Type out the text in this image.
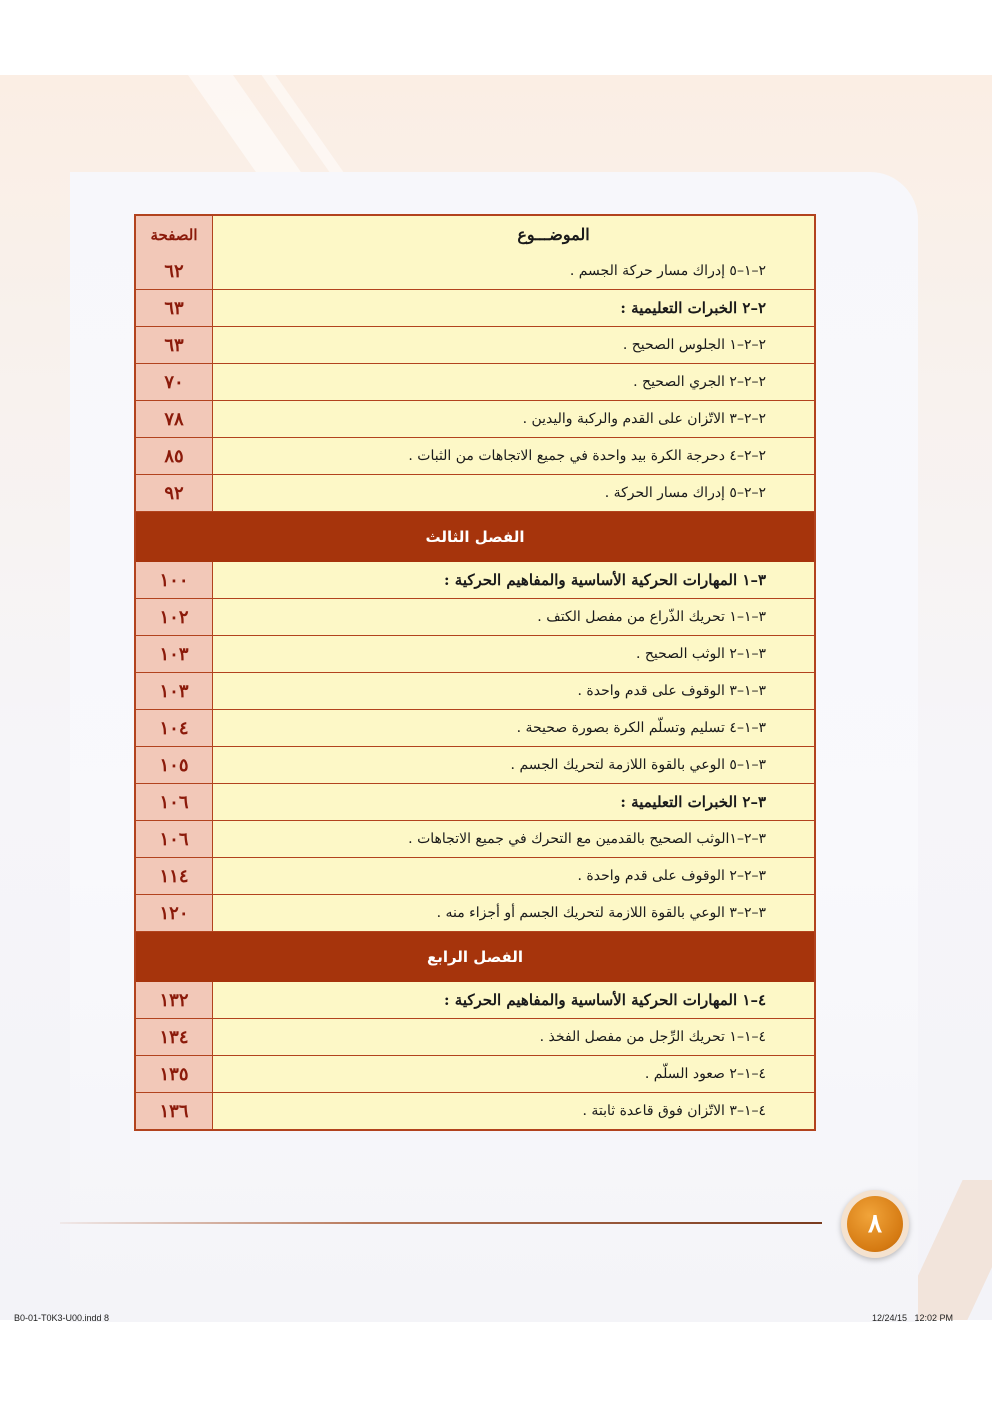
الصفحة	الموضـــوع
٦٢	٢–١–٥ إدراك مسار حركة الجسم .
٦٣	٢–٢ الخبرات التعليمية :
٦٣	٢–٢–١ الجلوس الصحيح .
٧٠	٢–٢–٢ الجري الصحيح .
٧٨	٢–٢–٣ الاتّزان على القدم والركبة واليدين .
٨٥	٢–٢–٤ دحرجة الكرة بيد واحدة في جميع الاتجاهات من الثبات .
٩٢	٢–٢–٥ إدراك مسار الحركة .
الفصل الثالث
١٠٠	٣–١ المهارات الحركية الأساسية والمفاهيم الحركية :
١٠٢	٣–١–١ تحريك الذّراع من مفصل الكتف .
١٠٣	٣–١–٢ الوثب الصحيح .
١٠٣	٣–١–٣ الوقوف على قدم واحدة .
١٠٤	٣–١–٤ تسليم وتسلّم الكرة بصورة صحيحة .
١٠٥	٣–١–٥ الوعي بالقوة اللازمة لتحريك الجسم .
١٠٦	٣–٢ الخبرات التعليمية :
١٠٦	٣–٢–١الوثب الصحيح بالقدمين مع التحرك في جميع الاتجاهات .
١١٤	٣–٢–٢ الوقوف على قدم واحدة .
١٢٠	٣–٢–٣ الوعي بالقوة اللازمة لتحريك الجسم أو أجزاء منه .
الفصل الرابع
١٣٢	٤–١ المهارات الحركية الأساسية والمفاهيم الحركية :
١٣٤	٤–١–١ تحريك الرِّجل من مفصل الفخذ .
١٣٥	٤–١–٢ صعود السلّم .
١٣٦	٤–١–٣ الاتّزان فوق قاعدة ثابتة .
٨
B0-01-T0K3-U00.indd 8	12/24/15   12:02 PM
